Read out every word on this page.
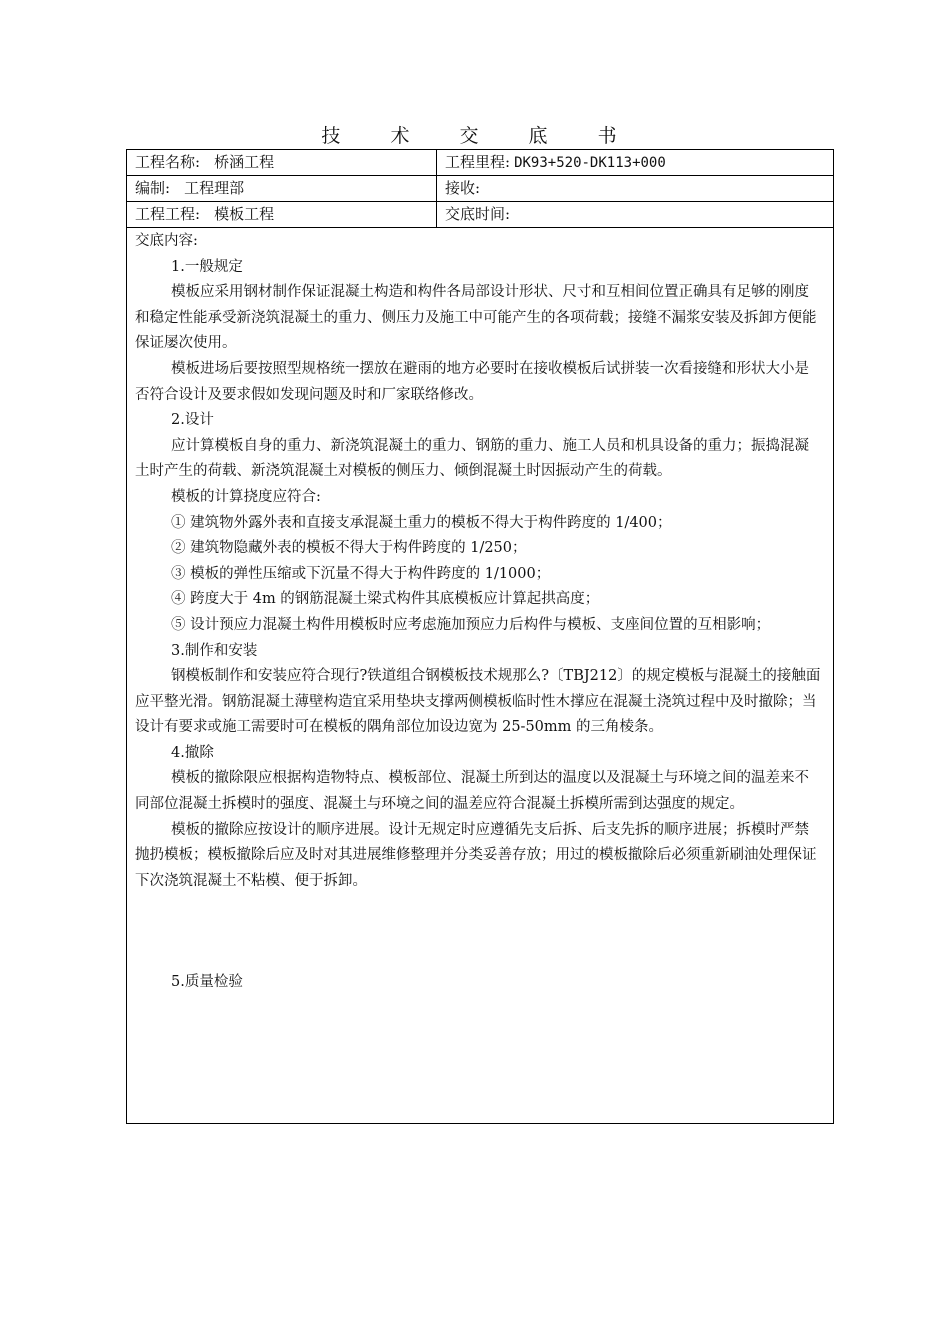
技 术 交 底 书
工程名称: 桥涵工程	工程里程: DK93+520-DK113+000
编制: 工程理部	接收:
工程工程: 模板工程	交底时间:

交底内容:

1.一般规定

模板应采用钢材制作保证混凝土构造和构件各局部设计形状、尺寸和互相间位置正确具有足够的刚度和稳定性能承受新浇筑混凝土的重力、侧压力及施工中可能产生的各项荷载；接缝不漏浆安装及拆卸方便能保证屡次使用。

模板进场后要按照型规格统一摆放在避雨的地方必要时在接收模板后试拼装一次看接缝和形状大小是否符合设计及要求假如发现问题及时和厂家联络修改。

2.设计

应计算模板自身的重力、新浇筑混凝土的重力、钢筋的重力、施工人员和机具设备的重力；振捣混凝土时产生的荷载、新浇筑混凝土对模板的侧压力、倾倒混凝土时因振动产生的荷载。

模板的计算挠度应符合:

① 建筑物外露外表和直接支承混凝土重力的模板不得大于构件跨度的 1/400；

② 建筑物隐藏外表的模板不得大于构件跨度的 1/250；

③ 模板的弹性压缩或下沉量不得大于构件跨度的 1/1000；

④ 跨度大于 4m 的钢筋混凝土梁式构件其底模板应计算起拱高度；

⑤ 设计预应力混凝土构件用模板时应考虑施加预应力后构件与模板、支座间位置的互相影响；

3.制作和安装

钢模板制作和安装应符合现行?铁道组合钢模板技术规那么?〔TBJ212〕的规定模板与混凝土的接触面应平整光滑。钢筋混凝土薄壁构造宜采用垫块支撑两侧模板临时性木撑应在混凝土浇筑过程中及时撤除；当设计有要求或施工需要时可在模板的隅角部位加设边宽为 25-50mm 的三角棱条。

4.撤除

模板的撤除限应根据构造物特点、模板部位、混凝土所到达的温度以及混凝土与环境之间的温差来不同部位混凝土拆模时的强度、混凝土与环境之间的温差应符合混凝土拆模所需到达强度的规定。

模板的撤除应按设计的顺序进展。设计无规定时应遵循先支后拆、后支先拆的顺序进展；拆模时严禁抛扔模板；模板撤除后应及时对其进展维修整理并分类妥善存放；用过的模板撤除后必须重新刷油处理保证下次浇筑混凝土不粘模、便于拆卸。

5.质量检验
